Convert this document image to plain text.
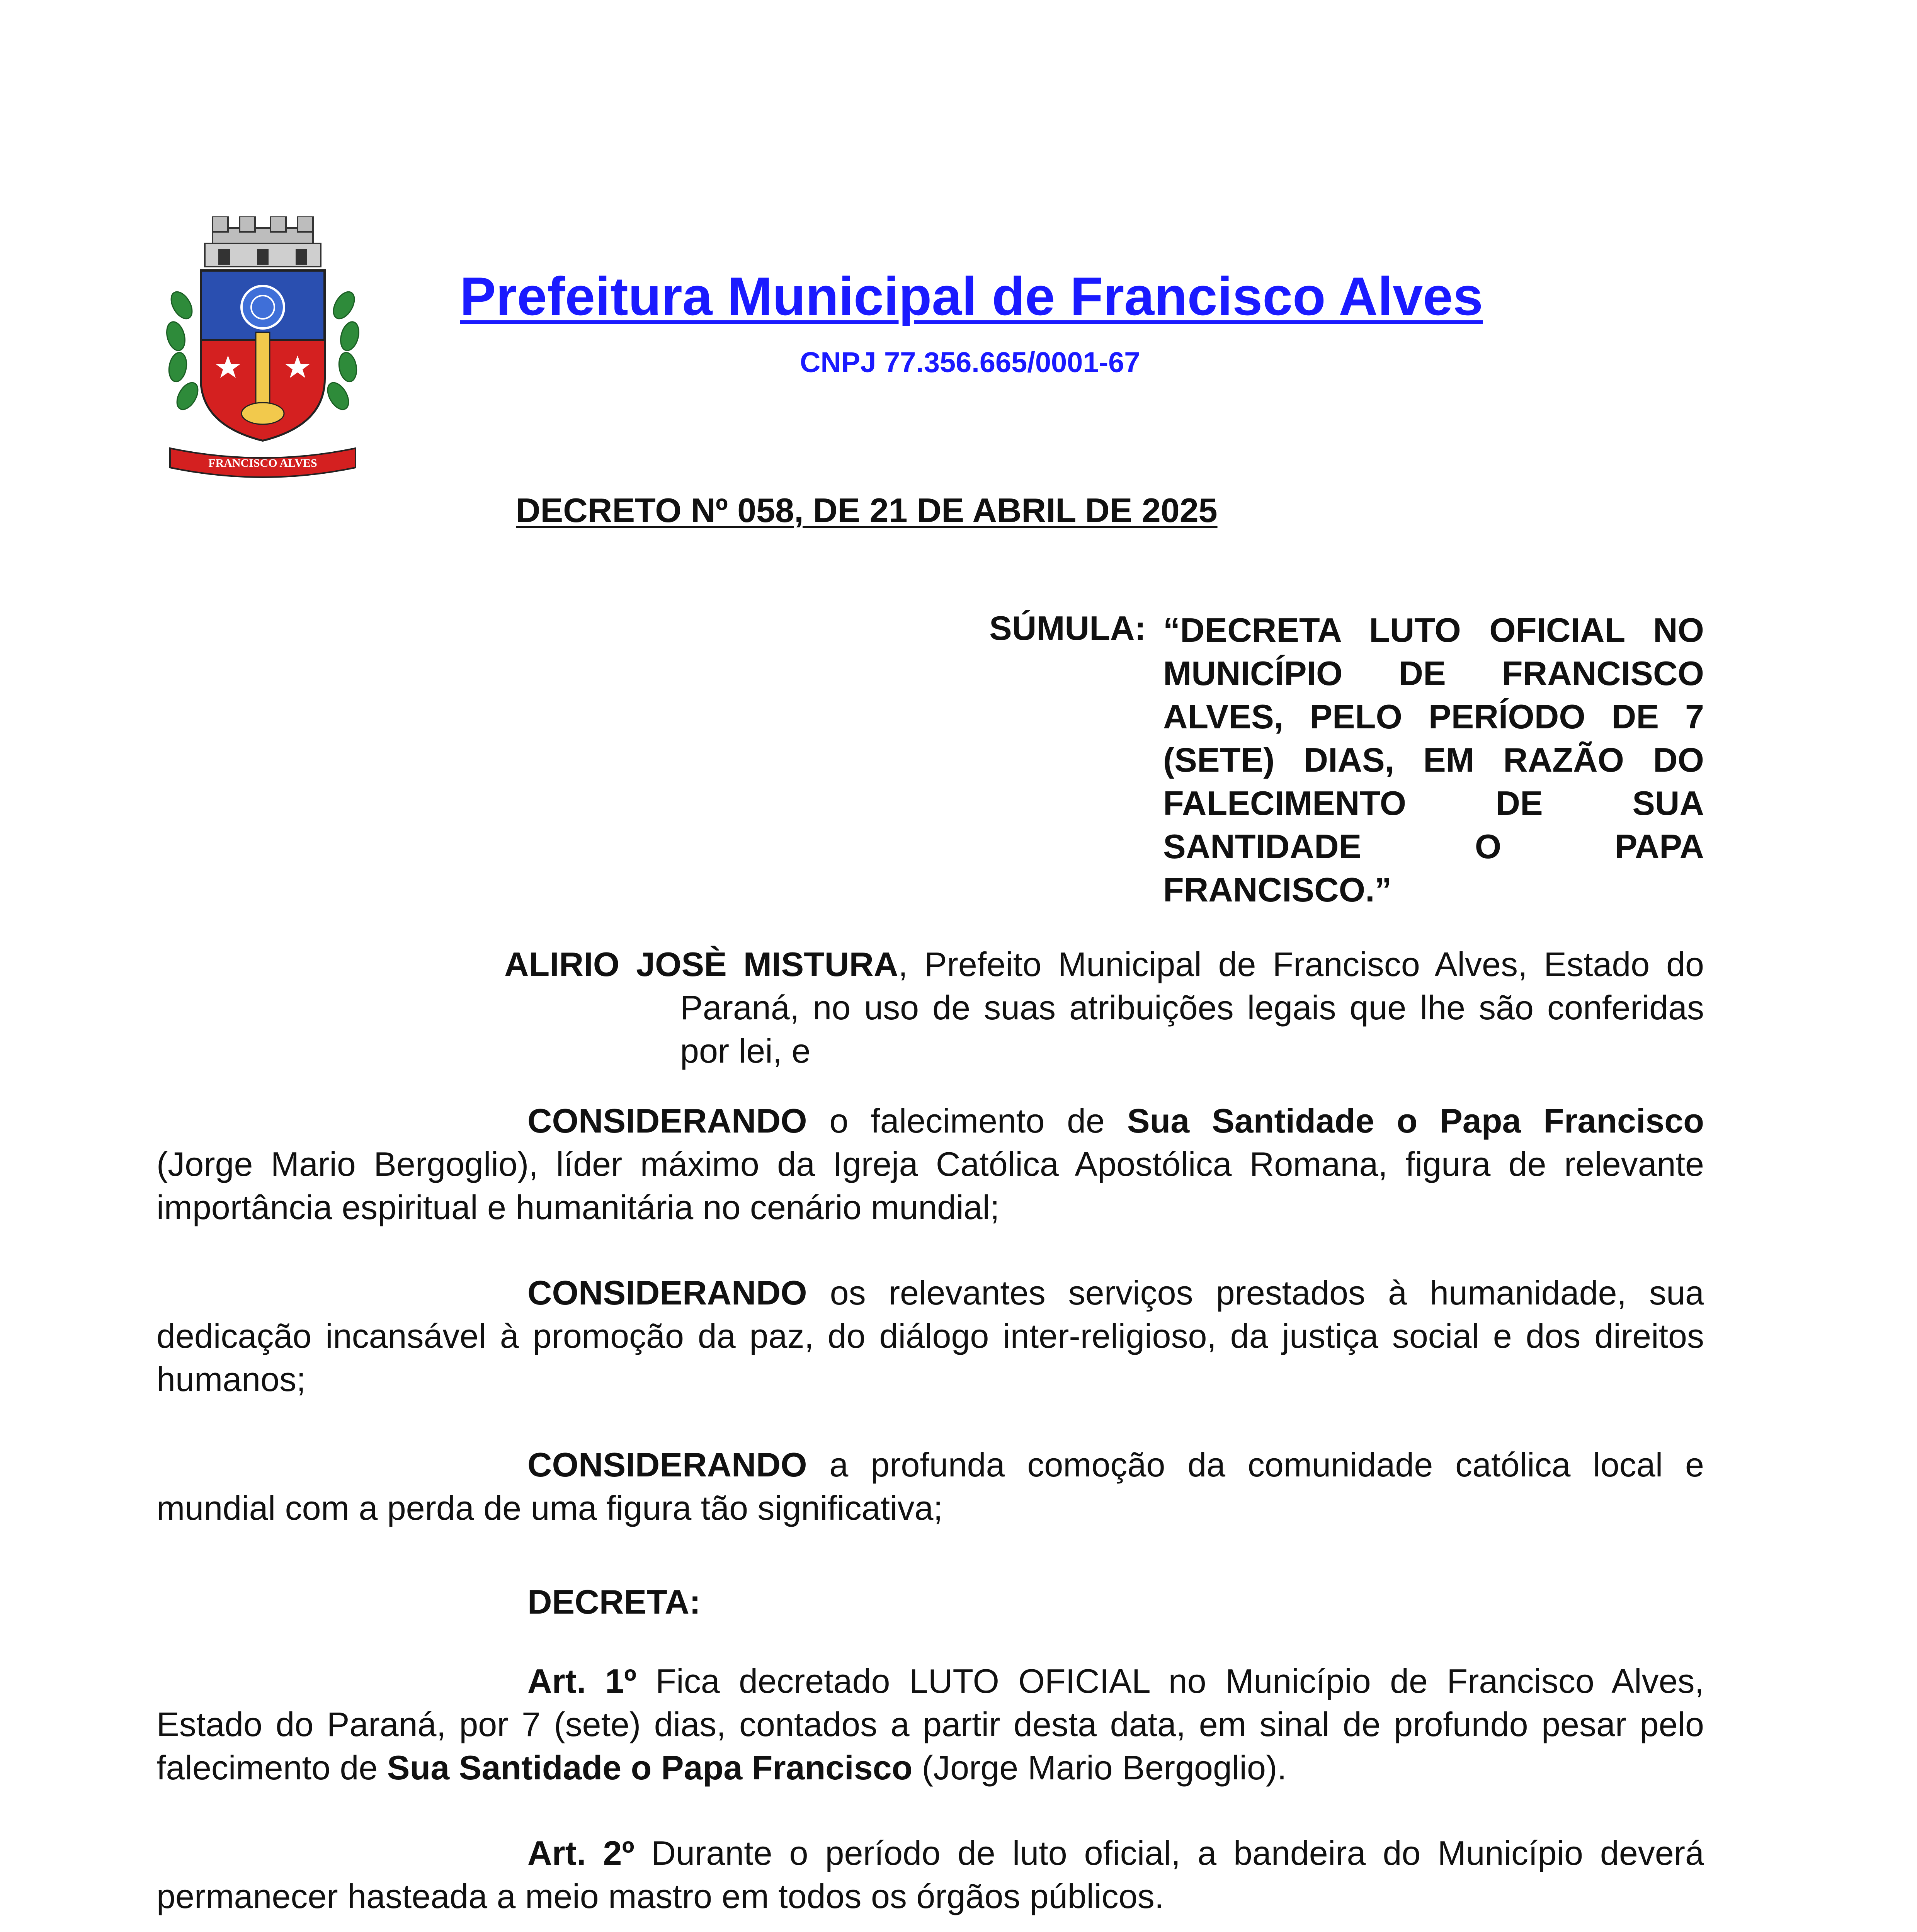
FRANCISCO ALVES
Prefeitura Municipal de Francisco Alves
CNPJ 77.356.665/0001-67
DECRETO Nº 058, DE 21 DE ABRIL DE 2025
SÚMULA: “DECRETA LUTO OFICIAL NO MUNICÍPIO DE FRANCISCO ALVES, PELO PERÍODO DE 7 (SETE) DIAS, EM RAZÃO DO FALECIMENTO DE SUA SANTIDADE O PAPA FRANCISCO.”
ALIRIO JOSÈ MISTURA, Prefeito Municipal de Francisco Alves, Estado do Paraná, no uso de suas atribuições legais que lhe são conferidas por lei, e

CONSIDERANDO o falecimento de Sua Santidade o Papa Francisco (Jorge Mario Bergoglio), líder máximo da Igreja Católica Apostólica Romana, figura de relevante importância espiritual e humanitária no cenário mundial;

CONSIDERANDO os relevantes serviços prestados à humanidade, sua dedicação incansável à promoção da paz, do diálogo inter-religioso, da justiça social e dos direitos humanos;

CONSIDERANDO a profunda comoção da comunidade católica local e mundial com a perda de uma figura tão significativa;

DECRETA:

Art. 1º Fica decretado LUTO OFICIAL no Município de Francisco Alves, Estado do Paraná, por 7 (sete) dias, contados a partir desta data, em sinal de profundo pesar pelo falecimento de Sua Santidade o Papa Francisco (Jorge Mario Bergoglio).

Art. 2º Durante o período de luto oficial, a bandeira do Município deverá permanecer hasteada a meio mastro em todos os órgãos públicos.
